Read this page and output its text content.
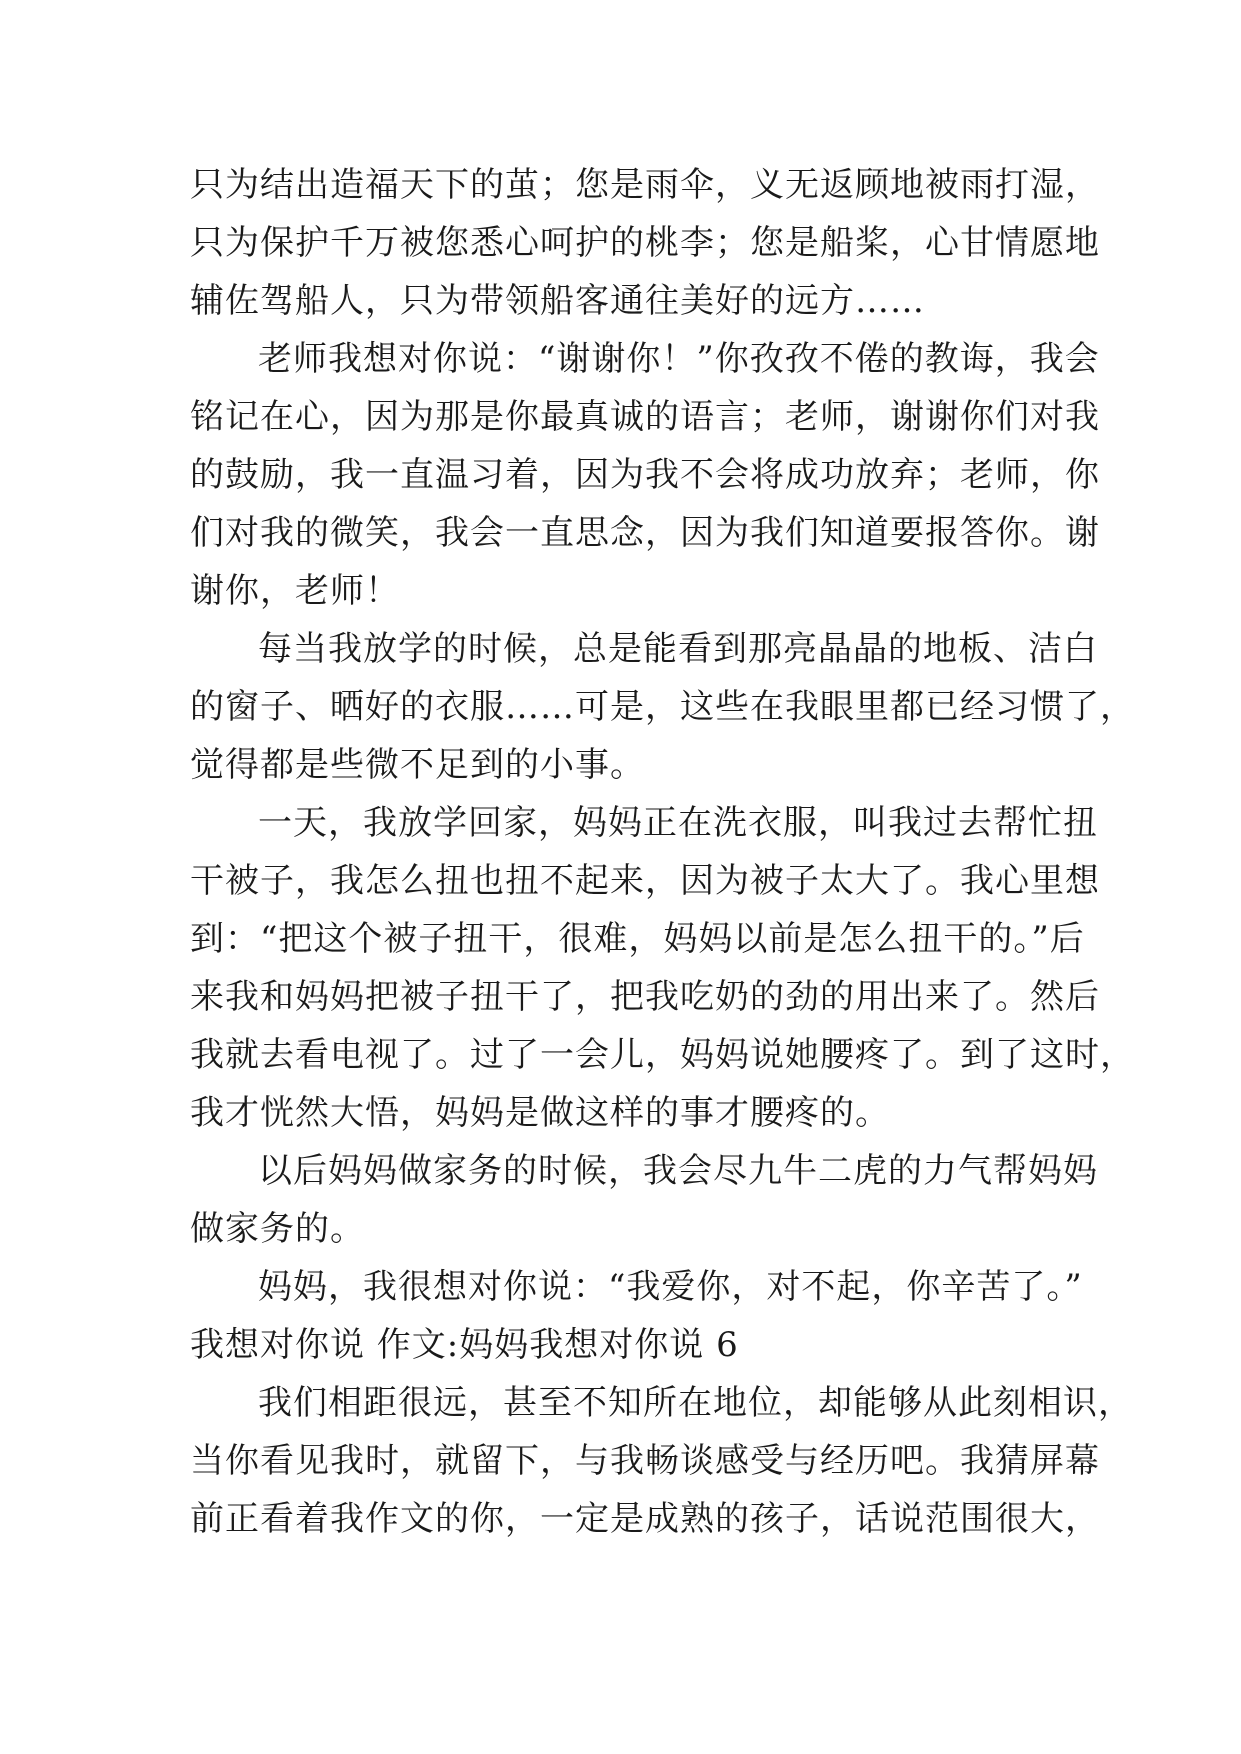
只为结出造福天下的茧；您是雨伞，义无返顾地被雨打湿，
只为保护千万被您悉心呵护的桃李；您是船桨，心甘情愿地
辅佐驾船人，只为带领船客通往美好的远方……
老师我想对你说：“谢谢你！”你孜孜不倦的教诲，我会
铭记在心，因为那是你最真诚的语言；老师，谢谢你们对我
的鼓励，我一直温习着，因为我不会将成功放弃；老师，你
们对我的微笑，我会一直思念，因为我们知道要报答你。谢
谢你，老师！
每当我放学的时候，总是能看到那亮晶晶的地板、洁白
的窗子、晒好的衣服……可是，这些在我眼里都已经习惯了，
觉得都是些微不足到的小事。
一天，我放学回家，妈妈正在洗衣服，叫我过去帮忙扭
干被子，我怎么扭也扭不起来，因为被子太大了。我心里想
到：“把这个被子扭干，很难，妈妈以前是怎么扭干的。”后
来我和妈妈把被子扭干了，把我吃奶的劲的用出来了。然后
我就去看电视了。过了一会儿，妈妈说她腰疼了。到了这时，
我才恍然大悟，妈妈是做这样的事才腰疼的。
以后妈妈做家务的时候，我会尽九牛二虎的力气帮妈妈
做家务的。
妈妈，我很想对你说：“我爱你，对不起，你辛苦了。”
我想对你说 作文:妈妈我想对你说 6
我们相距很远，甚至不知所在地位，却能够从此刻相识，
当你看见我时，就留下，与我畅谈感受与经历吧。我猜屏幕
前正看着我作文的你，一定是成熟的孩子，话说范围很大，
